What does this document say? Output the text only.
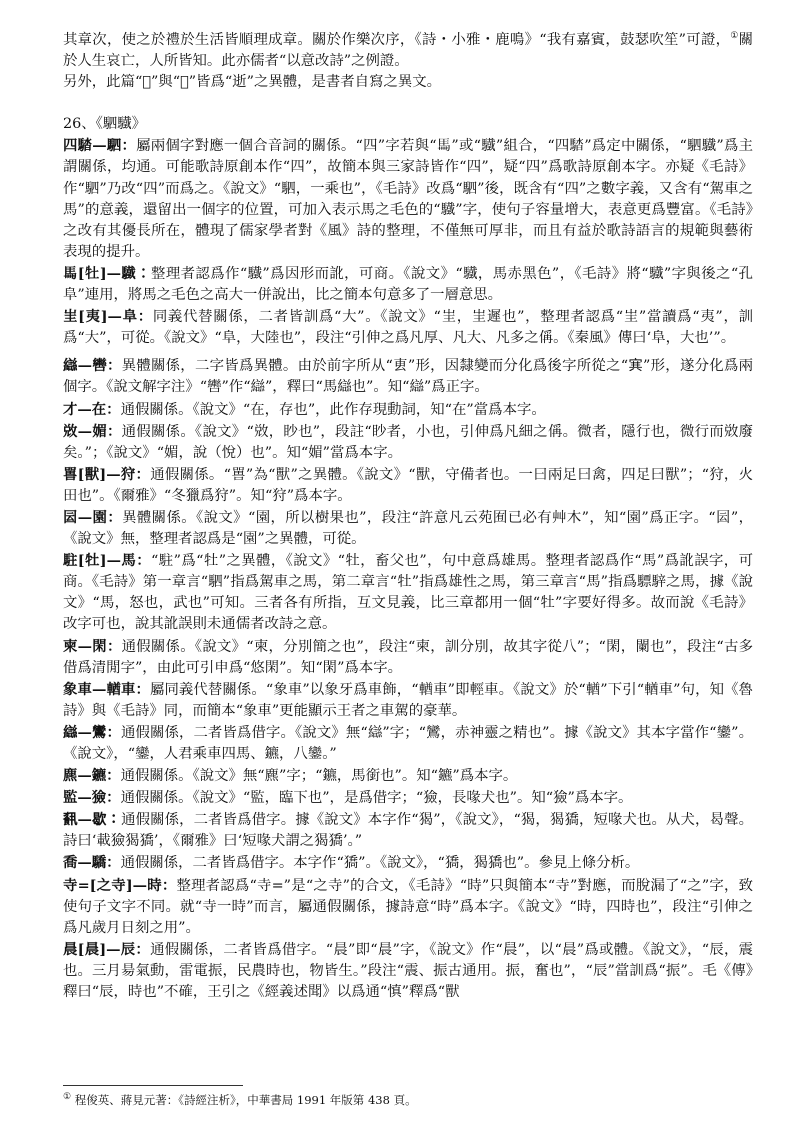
其章次，使之於禮於生活皆順理成章。關於作樂次序，《詩・小雅・鹿鳴》“我有嘉賓，鼓瑟吹笙”可證，①關於人生哀亡，人所皆知。此亦儒者“以意改詩”之例證。

另外，此篇“𨖺”與“𨑲”皆爲“逝”之異體，是書者自寫之異文。

26、《駟驖》

四𩣯—駟：屬兩個字對應一個合音詞的關係。“四”字若與“𩡧”或“驖”組合，“四𩣯”爲定中關係，“駟驖”爲主謂關係，均通。可能歌詩原創本作“四”，故簡本與三家詩皆作“四”，疑“四”爲歌詩原創本字。亦疑《毛詩》作“駟”乃改“四”而爲之。《說文》“駟，一乘也”，《毛詩》改爲“駟”後，既含有“四”之數字義，又含有“駕車之馬”的意義，還留出一個字的位置，可加入表示馬之毛色的“驖”字，使句子容量增大，表意更爲豐富。《毛詩》之改有其優長所在，體現了儒家學者對《風》詩的整理，不僅無可厚非，而且有益於歌詩語言的規範與藝術表現的提升。

𩡧[牡]—驖：整理者認爲作“驖”爲因形而訛，可商。《說文》“驖，馬赤黑色”，《毛詩》將“驖”字與後之“孔阜”連用，將馬之毛色之高大一併說出，比之簡本句意多了一層意思。

㞷[夷]—阜：同義代替關係，二者皆訓爲“大”。《說文》“㞷，㞷遲也”，整理者認爲“㞷”當讀爲“夷”，訓爲“大”，可從。《說文》“阜，大陸也”，段注“引伸之爲凡厚、凡大、凡多之偁。《秦風》傳曰‘阜，大也’”。

䜌—轡：異體關係，二字皆爲異體。由於前字所从“叀”形，因隸變而分化爲後字所從之“𡨄”形，遂分化爲兩個字。《說文解字注》“轡”作“䜌”，釋曰“馬䜌也”。知“䜌”爲正字。

才—在：通假關係。《說文》“在，存也”，此作存現動詞，知“在”當爲本字。

敚—媚：通假關係。《說文》“敚，眇也”，段註“眇者，小也，引伸爲凡細之偁。微者，隱行也，微行而敚廢矣。”；《說文》“媚，說（悅）也”。知“媚”當爲本字。

嘼[獸]—狩：通假關係。“嘼”為“獸”之異體。《說文》“獸，守備者也。一曰兩足曰禽，四足曰獸”；“狩，火田也”。《爾雅》“冬獵爲狩”。知“狩”爲本字。

囩—園：異體關係。《說文》“園，所以樹果也”，段注“許意凡云苑囿已必有艸木”，知“園”爲正字。“囩”，《說文》無，整理者認爲是“園”之異體，可從。

駐[牡]—馬：“駐”爲“牡”之異體，《說文》“牡，畜父也”，句中意爲雄馬。整理者認爲作“馬”爲訛誤字，可商。《毛詩》第一章言“駟”指爲駕車之馬，第二章言“牡”指爲雄性之馬，第三章言“馬”指爲驃騂之馬，據《說文》“馬，怒也，武也”可知。三者各有所指，互文見義，比三章都用一個“牡”字要好得多。故而說《毛詩》改字可也，說其訛誤則未通儒者改詩之意。

柬—閑：通假關係。《說文》“柬，分別簡之也”，段注“柬，訓分別，故其字從八”；“閑，闌也”，段注“古多借爲清閒字”，由此可引申爲“悠閑”。知“閑”爲本字。

象車—輶車：屬同義代替關係。“象車”以象牙爲車飾，“輶車”即輕車。《說文》於“輶”下引“輶車”句，知《魯詩》與《毛詩》同，而簡本“象車”更能顯示王者之車駕的豪華。

䜌—鸞：通假關係，二者皆爲借字。《說文》無“䜌”字；“鸞，赤神靈之精也”。據《說文》其本字當作“鑾”。《說文》，“鑾，人君乘車四馬、鑣，八鑾。”

麃—鑣：通假關係。《說文》無“麃”字；“鑣，馬銜也”。知“鑣”爲本字。

監—獫：通假關係。《說文》“監，臨下也”，是爲借字；“獫，長喙犬也”。知“獫”爲本字。

𩛥—歇：通假關係，二者皆爲借字。據《說文》本字作“猲”，《說文》，“猲，猲獢，短喙犬也。从犬，曷聲。詩曰‘載獫猲獢’，《爾雅》曰‘短喙犬謂之猲獢’。”

喬—驕：通假關係，二者皆爲借字。本字作“獢”。《說文》，“獢，猲獢也”。參見上條分析。

寺=[之寺]—時：整理者認爲“寺=”是“之寺”的合文，《毛詩》“時”只與簡本“寺”對應，而脫漏了“之”字，致使句子文字不同。就“寺一時”而言，屬通假關係，據詩意“時”爲本字。《說文》“時，四時也”，段注“引伸之爲凡歲月日刻之用”。

晨[晨]—辰：通假關係，二者皆爲借字。“晨”即“晨”字，《說文》作“䢅”，以“晨”爲或體。《說文》，“辰，震也。三月昜氣動，雷電振，民農時也，物皆生。”段注“震、振古通用。振，奮也”，“辰”當訓爲“振”。毛《傳》釋曰“辰，時也”不確，王引之《經義述聞》以爲通“慎”釋爲“獸

① 程俊英、蔣見元著：《詩經注析》，中華書局 1991 年版第 438 頁。
